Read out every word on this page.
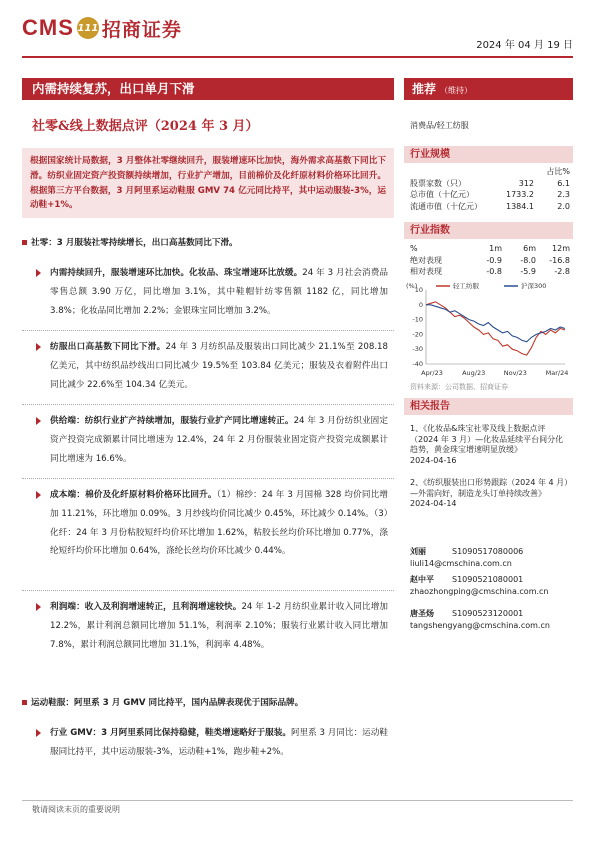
CMS 111 招商证券
2024 年 04 月 19 日
内需持续复苏，出口单月下滑
社零&线上数据点评（2024 年 3 月）
根据国家统计局数据，3 月整体社零继续回升，服装增速环比加快，海外需求高基数下同比下滑。纺织业固定资产投资额持续增加，行业扩产增加，目前棉价及化纤原材料价格环比回升。根据第三方平台数据，3 月阿里系运动鞋服 GMV 74 亿元同比持平，其中运动服装-3%，运动鞋+1%。
社零：3 月服装社零持续增长，出口高基数同比下滑。
内需持续回升，服装增速环比加快。化妆品、珠宝增速环比放缓。24 年 3 月社会消费品零售总额 3.90 万亿，同比增加 3.1%，其中鞋帽针纺零售额 1182 亿，同比增加 3.8%；化妆品同比增加 2.2%；金银珠宝同比增加 3.2%。
纺服出口高基数下同比下滑。24 年 3 月纺织品及服装出口同比减少 21.1%至 208.18 亿美元，其中纺织品纱线出口同比减少 19.5%至 103.84 亿美元；服装及衣着附件出口同比减少 22.6%至 104.34 亿美元。
供给端：纺织行业扩产持续增加，服装行业扩产同比增速转正。24 年 3 月份纺织业固定资产投资完成额累计同比增速为 12.4%，24 年 2 月份服装业固定资产投资完成额累计同比增速为 16.6%。
成本端：棉价及化纤原材料价格环比回升。（1）棉纱：24 年 3 月国棉 328 均价同比增加 11.21%，环比增加 0.09%。3 月纱线均价同比减少 0.45%，环比减少 0.14%。（3）化纤：24 年 3 月份粘胶短纤均价环比增加 1.62%，粘胶长丝均价环比增加 0.77%，涤纶短纤均价环比增加 0.64%，涤纶长丝均价环比减少 0.44%。
利润端：收入及利润增速转正，且利润增速较快。24 年 1-2 月纺织业累计收入同比增加 12.2%，累计利润总额同比增加 51.1%，利润率 2.10%；服装行业累计收入同比增加 7.8%，累计利润总额同比增加 31.1%，利润率 4.48%。
运动鞋服：阿里系 3 月 GMV 同比持平，国内品牌表现优于国际品牌。
行业 GMV：3 月阿里系同比保持稳健，鞋类增速略好于服装。阿里系 3 月同比：运动鞋服同比持平，其中运动服装-3%，运动鞋+1%，跑步鞋+2%。
推荐 （维持）
消费品/轻工纺服
行业规模
		占比%
股票家数（只）	312	6.1
总市值（十亿元）	1733.2	2.3
流通市值（十亿元）	1384.1	2.0
行业指数
%	1m	6m	12m
绝对表现	-0.9	-8.0	-16.8
相对表现	-0.8	-5.9	-2.8
(%)
10
0
-10
-20
-30
-40
Apr/23	Aug/23	Nov/23	Mar/24
轻工纺服	沪深300
资料来源：公司数据、招商证券
相关报告
1、《化妆品&珠宝社零及线上数据点评（2024 年 3 月）—化妆品延续平台间分化趋势，黄金珠宝增速明显放缓》
2024-04-16
2、《纺织服装出口形势跟踪（2024 年 4 月）—外需向好，制造龙头订单持续改善》
2024-04-14
刘丽	S1090517080006
liuli14@cmschina.com.cn
赵中平 S1090521080001
zhaozhongping@cmschina.com.cn
唐圣炀 S1090523120001
tangshengyang@cmschina.com.cn
敬请阅读末页的重要说明
